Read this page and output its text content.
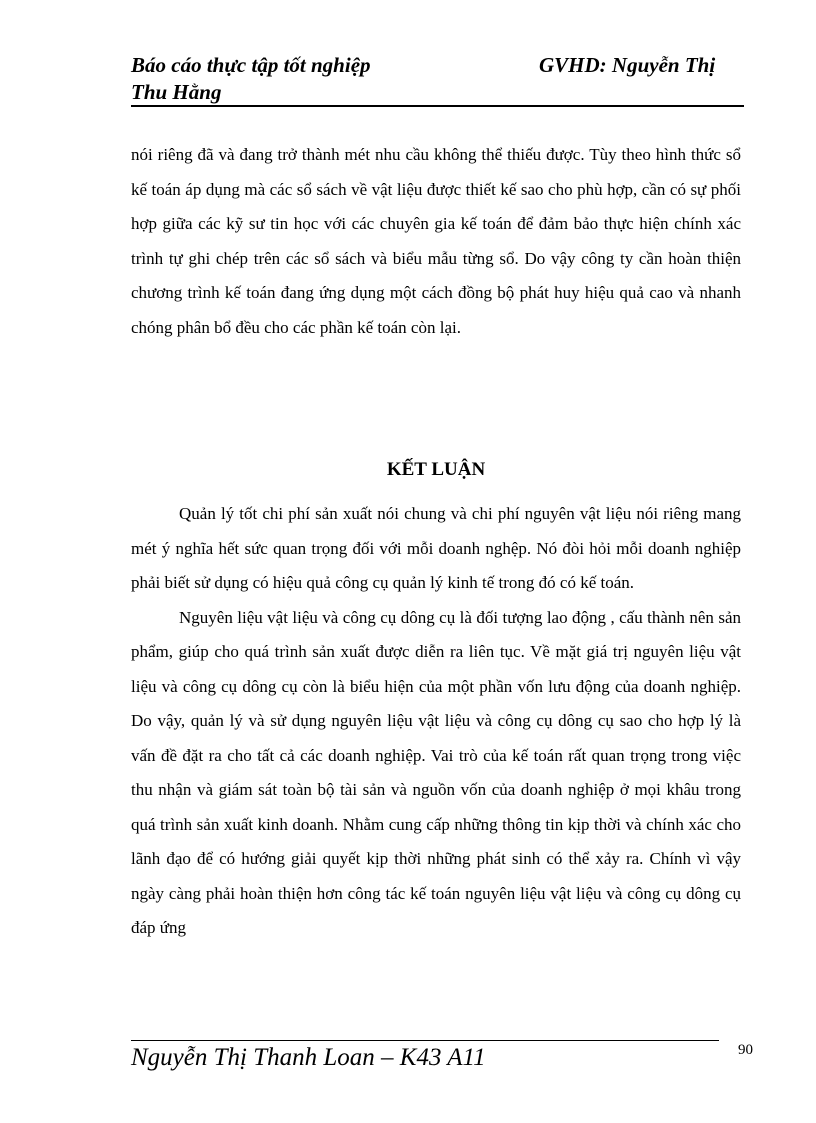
Báo cáo thực tập tốt nghiệp
Thu Hằng
GVHD: Nguyễn Thị

nói riêng đã và đang trở thành mét nhu cầu không thể thiếu được. Tùy theo hình thức sổ kế toán áp dụng mà các sổ sách về vật liệu được thiết kế sao cho phù hợp, cần có sự phối hợp giữa các kỹ sư tin học với các chuyên gia kế toán để đảm bảo thực hiện chính xác trình tự ghi chép trên các sổ sách và biểu mẫu từng sổ. Do vậy công ty cần hoàn thiện chương trình kế toán đang ứng dụng một cách đồng bộ phát huy hiệu quả cao và nhanh chóng phân bổ đều cho các phần kế toán còn lại.

KẾT LUẬN

Quản lý tốt chi phí sản xuất nói chung và chi phí nguyên vật liệu nói riêng mang mét ý nghĩa hết sức quan trọng đối với mỗi doanh nghệp. Nó đòi hỏi mỗi doanh nghiệp phải biết sử dụng có hiệu quả công cụ quản lý kinh tế trong đó có kế toán.

Nguyên liệu vật liệu và công cụ dông cụ là đối tượng lao động , cấu thành nên sản phẩm, giúp cho quá trình sản xuất được diễn ra liên tục. Về mặt giá trị nguyên liệu vật liệu và công cụ dông cụ còn là biểu hiện của một phần vốn lưu động của doanh nghiệp. Do vậy, quản lý và sử dụng nguyên liệu vật liệu và công cụ dông cụ sao cho hợp lý là vấn đề đặt ra cho tất cả các doanh nghiệp. Vai trò của kế toán rất quan trọng trong việc thu nhận và giám sát toàn bộ tài sản và nguồn vốn của doanh nghiệp ở mọi khâu trong quá trình sản xuất kinh doanh. Nhằm cung cấp những thông tin kịp thời và chính xác cho lãnh đạo để có hướng giải quyết kịp thời những phát sinh có thể xảy ra. Chính vì vậy ngày càng phải hoàn thiện hơn công tác kế toán nguyên liệu vật liệu và công cụ dông cụ đáp ứng

Nguyễn Thị Thanh Loan – K43 A11	90
